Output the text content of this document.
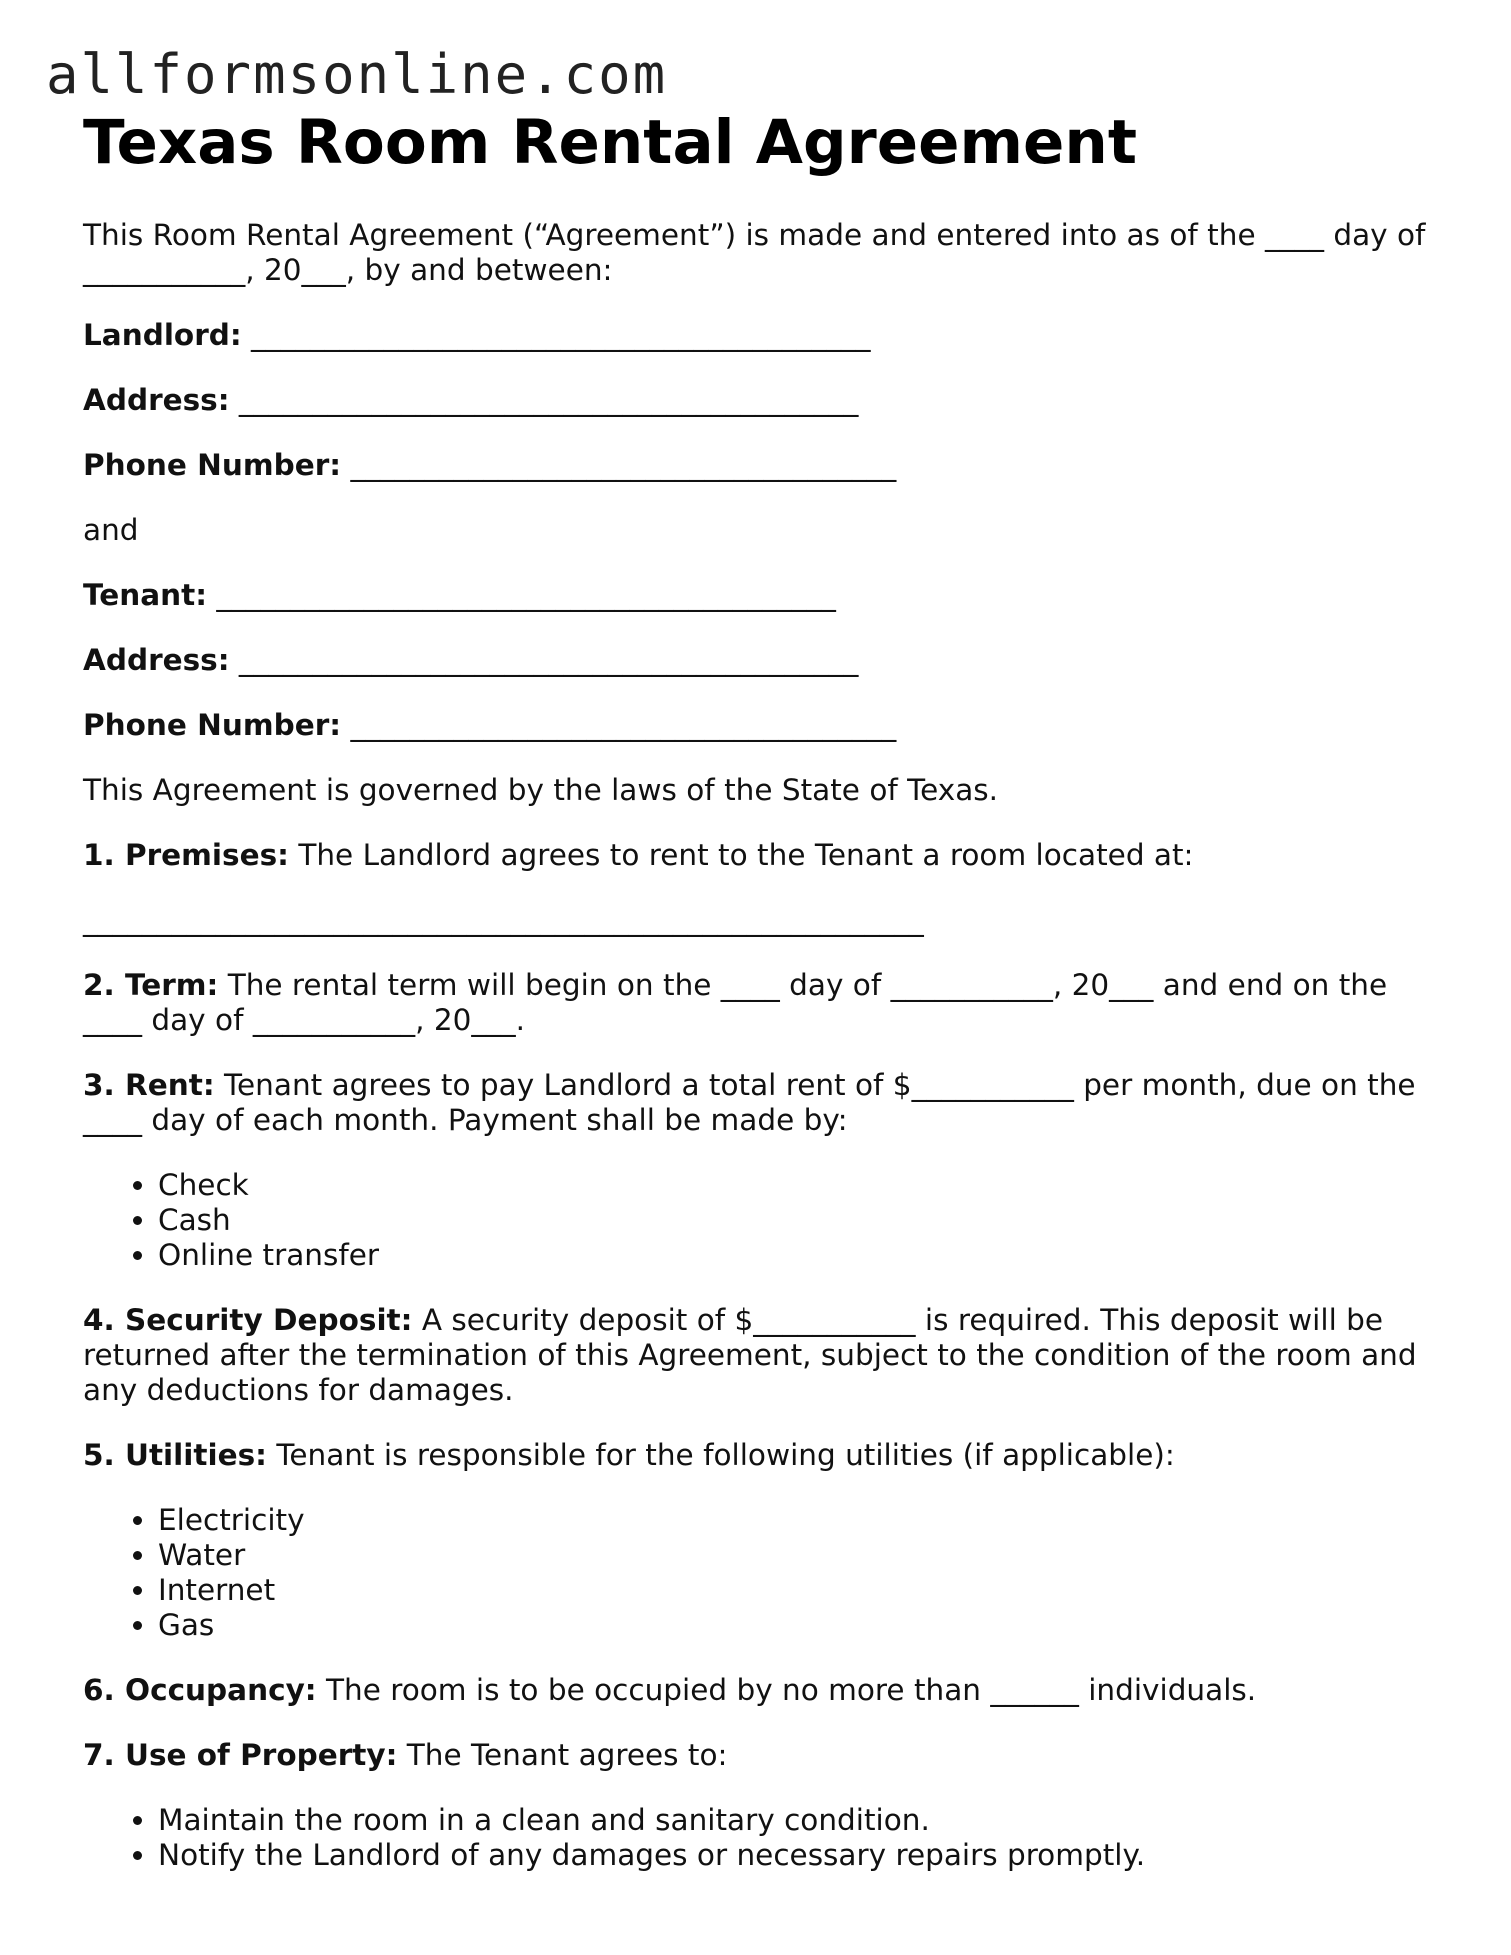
allformsonline.com
Texas Room Rental Agreement

This Room Rental Agreement (“Agreement”) is made and entered into as of the ____ day of ___________, 20___, by and between:

Landlord: __________________________________________

Address: __________________________________________

Phone Number: _____________________________________

and

Tenant: __________________________________________

Address: __________________________________________

Phone Number: _____________________________________

This Agreement is governed by the laws of the State of Texas.

1. Premises: The Landlord agrees to rent to the Tenant a room located at:

_________________________________________________________

2. Term: The rental term will begin on the ____ day of ___________, 20___ and end on the ____ day of ___________, 20___.

3. Rent: Tenant agrees to pay Landlord a total rent of $___________ per month, due on the ____ day of each month. Payment shall be made by:

• Check
• Cash
• Online transfer

4. Security Deposit: A security deposit of $___________ is required. This deposit will be returned after the termination of this Agreement, subject to the condition of the room and any deductions for damages.

5. Utilities: Tenant is responsible for the following utilities (if applicable):

• Electricity
• Water
• Internet
• Gas

6. Occupancy: The room is to be occupied by no more than ______ individuals.

7. Use of Property: The Tenant agrees to:

• Maintain the room in a clean and sanitary condition.
• Notify the Landlord of any damages or necessary repairs promptly.
